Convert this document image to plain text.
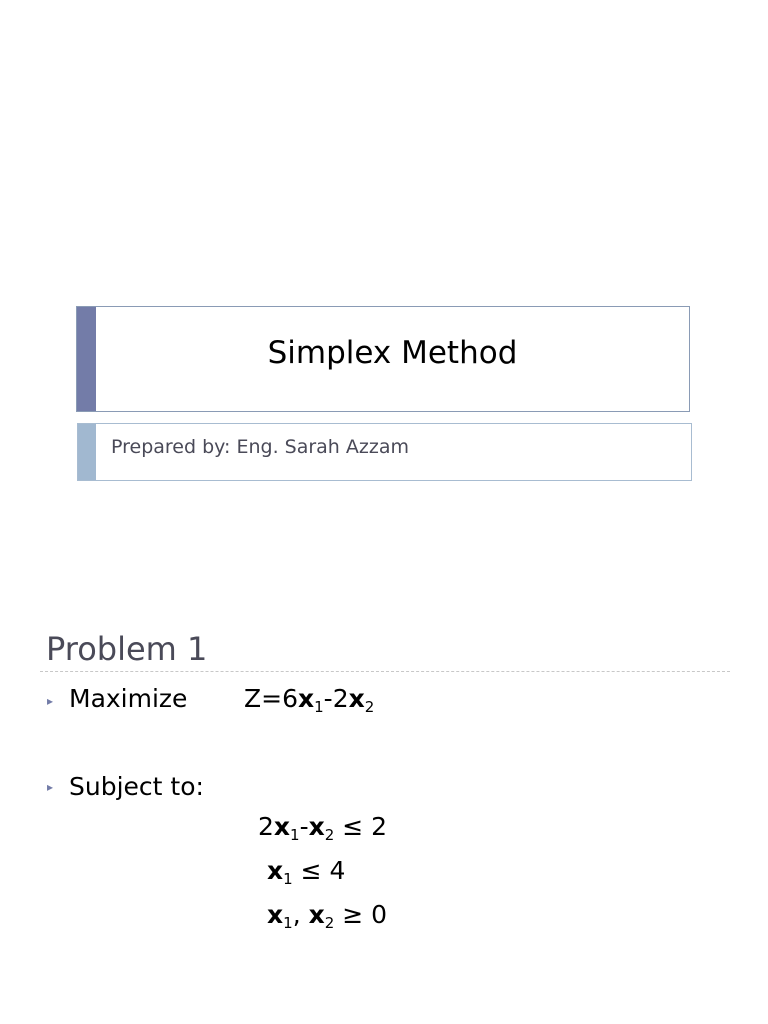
Simplex Method
Prepared by: Eng. Sarah Azzam
Problem 1
▸ Maximize $Z=6x_1-2x_2$
▸ Subject to:
$2x_1-x_2 \le 2$
$x_1 \le 4$
$x_1$, $x_2 \ge 0$
